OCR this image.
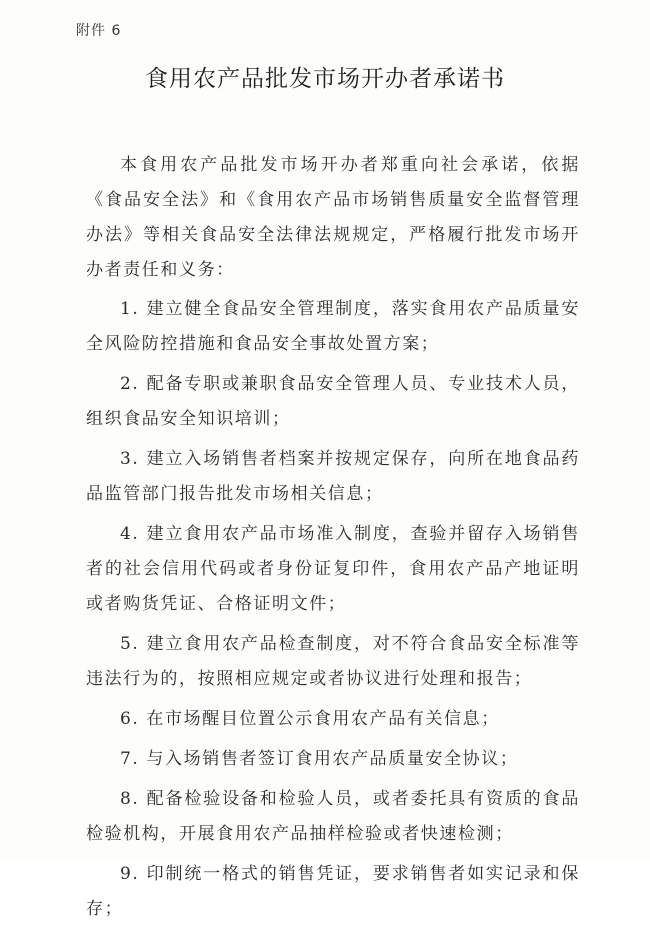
附件 6
食用农产品批发市场开办者承诺书

本食用农产品批发市场开办者郑重向社会承诺，依据《食品安全法》和《食用农产品市场销售质量安全监督管理办法》等相关食品安全法律法规规定，严格履行批发市场开办者责任和义务：

1. 建立健全食品安全管理制度，落实食用农产品质量安全风险防控措施和食品安全事故处置方案；

2. 配备专职或兼职食品安全管理人员、专业技术人员，组织食品安全知识培训；

3. 建立入场销售者档案并按规定保存，向所在地食品药品监管部门报告批发市场相关信息；

4. 建立食用农产品市场准入制度，查验并留存入场销售者的社会信用代码或者身份证复印件，食用农产品产地证明或者购货凭证、合格证明文件；

5. 建立食用农产品检查制度，对不符合食品安全标准等违法行为的，按照相应规定或者协议进行处理和报告；

6. 在市场醒目位置公示食用农产品有关信息；

7. 与入场销售者签订食用农产品质量安全协议；

8. 配备检验设备和检验人员，或者委托具有资质的食品检验机构，开展食用农产品抽样检验或者快速检测；

9. 印制统一格式的销售凭证，要求销售者如实记录和保存；
